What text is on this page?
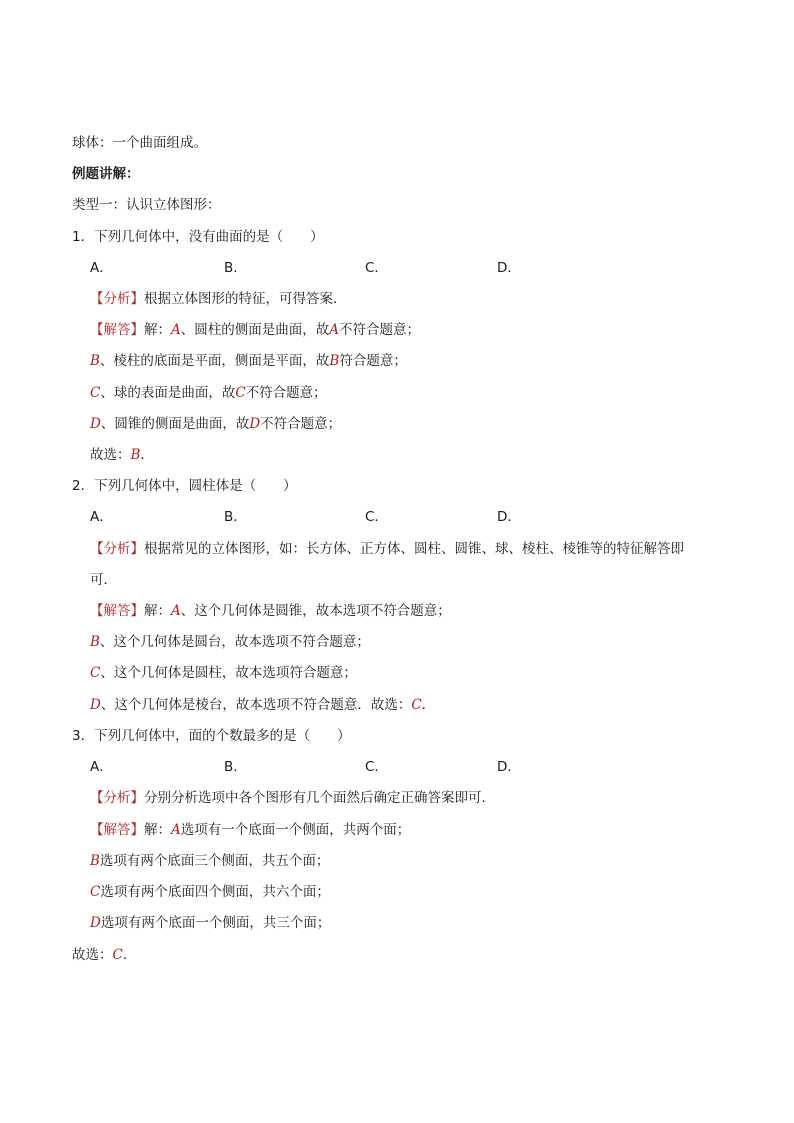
球体：一个曲面组成。
例题讲解：
类型一：认识立体图形：
1．下列几何体中，没有曲面的是（　　）
A．	B．	C．	D．
【分析】根据立体图形的特征，可得答案．
【解答】解：A、圆柱的侧面是曲面，故A不符合题意；
B、棱柱的底面是平面，侧面是平面，故B符合题意；
C、球的表面是曲面，故C不符合题意；
D、圆锥的侧面是曲面，故D不符合题意；
故选：B．
2．下列几何体中，圆柱体是（　　）
A．	B．	C．	D．
【分析】根据常见的立体图形，如：长方体、正方体、圆柱、圆锥、球、棱柱、棱锥等的特征解答即
可．
【解答】解：A、这个几何体是圆锥，故本选项不符合题意；
B、这个几何体是圆台，故本选项不符合题意；
C、这个几何体是圆柱，故本选项符合题意；
D、这个几何体是棱台，故本选项不符合题意．故选：C．
3．下列几何体中，面的个数最多的是（　　）
A．	B．	C．	D．
【分析】分别分析选项中各个图形有几个面然后确定正确答案即可．
【解答】解：A选项有一个底面一个侧面，共两个面；
B选项有两个底面三个侧面，共五个面；
C选项有两个底面四个侧面，共六个面；
D选项有两个底面一个侧面，共三个面；
故选：C．
